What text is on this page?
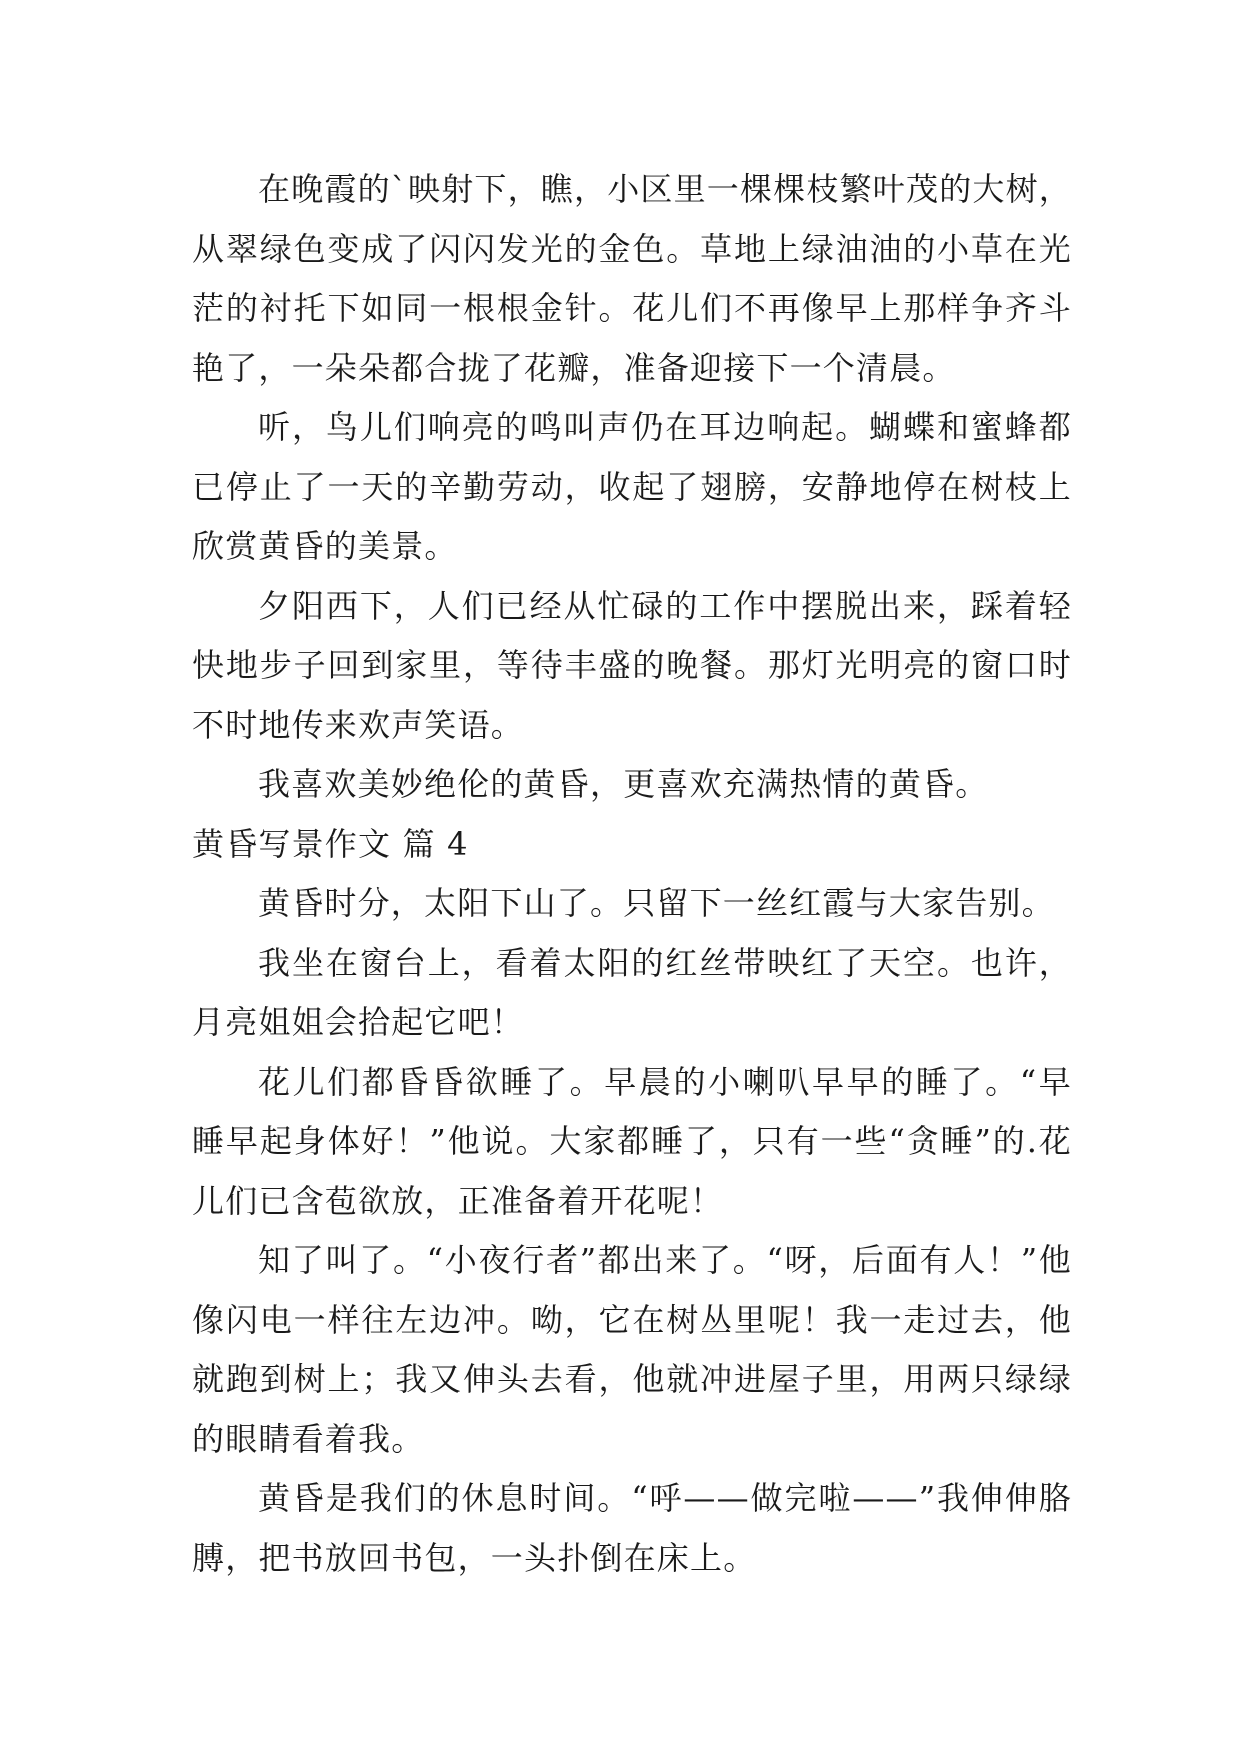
在晚霞的`映射下，瞧，小区里一棵棵枝繁叶茂的大树，从翠绿色变成了闪闪发光的金色。草地上绿油油的小草在光茫的衬托下如同一根根金针。花儿们不再像早上那样争齐斗艳了，一朵朵都合拢了花瓣，准备迎接下一个清晨。

听，鸟儿们响亮的鸣叫声仍在耳边响起。蝴蝶和蜜蜂都已停止了一天的辛勤劳动，收起了翅膀，安静地停在树枝上欣赏黄昏的美景。

夕阳西下，人们已经从忙碌的工作中摆脱出来，踩着轻快地步子回到家里，等待丰盛的晚餐。那灯光明亮的窗口时不时地传来欢声笑语。

我喜欢美妙绝伦的黄昏，更喜欢充满热情的黄昏。

黄昏写景作文 篇 4

黄昏时分，太阳下山了。只留下一丝红霞与大家告别。

我坐在窗台上，看着太阳的红丝带映红了天空。也许，月亮姐姐会拾起它吧！

花儿们都昏昏欲睡了。早晨的小喇叭早早的睡了。“早睡早起身体好！”他说。大家都睡了，只有一些“贪睡”的.花儿们已含苞欲放，正准备着开花呢！

知了叫了。“小夜行者”都出来了。“呀，后面有人！”他像闪电一样往左边冲。呦，它在树丛里呢！我一走过去，他就跑到树上；我又伸头去看，他就冲进屋子里，用两只绿绿的眼睛看着我。

黄昏是我们的休息时间。“呼——做完啦——”我伸伸胳膊，把书放回书包，一头扑倒在床上。
